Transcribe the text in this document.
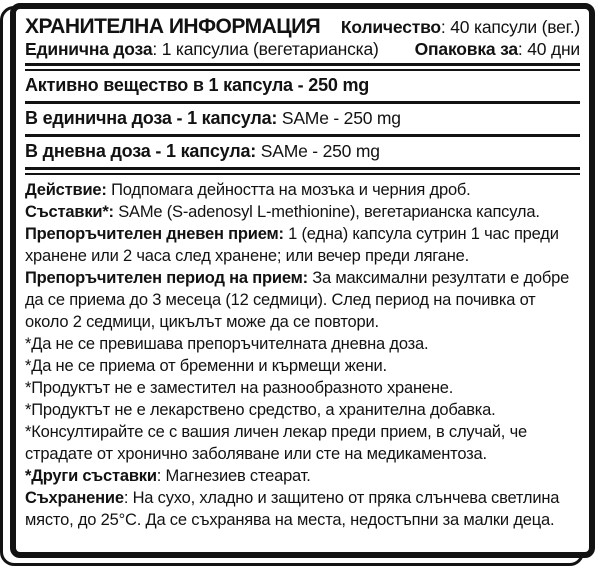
ХРАНИТЕЛНА ИНФОРМАЦИЯ Количество: 40 капсули (вег.)
Единична доза: 1 капсулиа (вегетарианска) Опаковка за: 40 дни
Активно вещество в 1 капсула - 250 mg
В единична доза - 1 капсула: SAMe - 250 mg
В дневна доза - 1 капсула: SAMe - 250 mg

Действие: Подпомага дейността на мозъка и черния дроб.

Съставки*: SAMe (S-adenosyl L-methionine), вегетарианска капсула.

Препоръчителен дневен прием: 1 (една) капсула сутрин 1 час преди хранене или 2 часа след хранене; или вечер преди лягане.

Препоръчителен период на прием: За максимални резултати е добре да се приема до 3 месеца (12 седмици). След период на почивка от около 2 седмици, цикълът може да се повтори.

*Да не се превишава препоръчителната дневна доза.

*Да не се приема от бременни и кърмещи жени.

*Продуктът не е заместител на разнообразното хранене.

*Продуктът не е лекарствено средство, а хранителна добавка.

*Консултирайте се с вашия личен лекар преди прием, в случай, че страдате от хронично заболяване или сте на медикаментоза.

*Други съставки: Магнезиев стеарат.

Съхранение: На сухо, хладно и защитено от пряка слънчева светлина място, до 25°C. Да се съхранява на места, недостъпни за малки деца.
